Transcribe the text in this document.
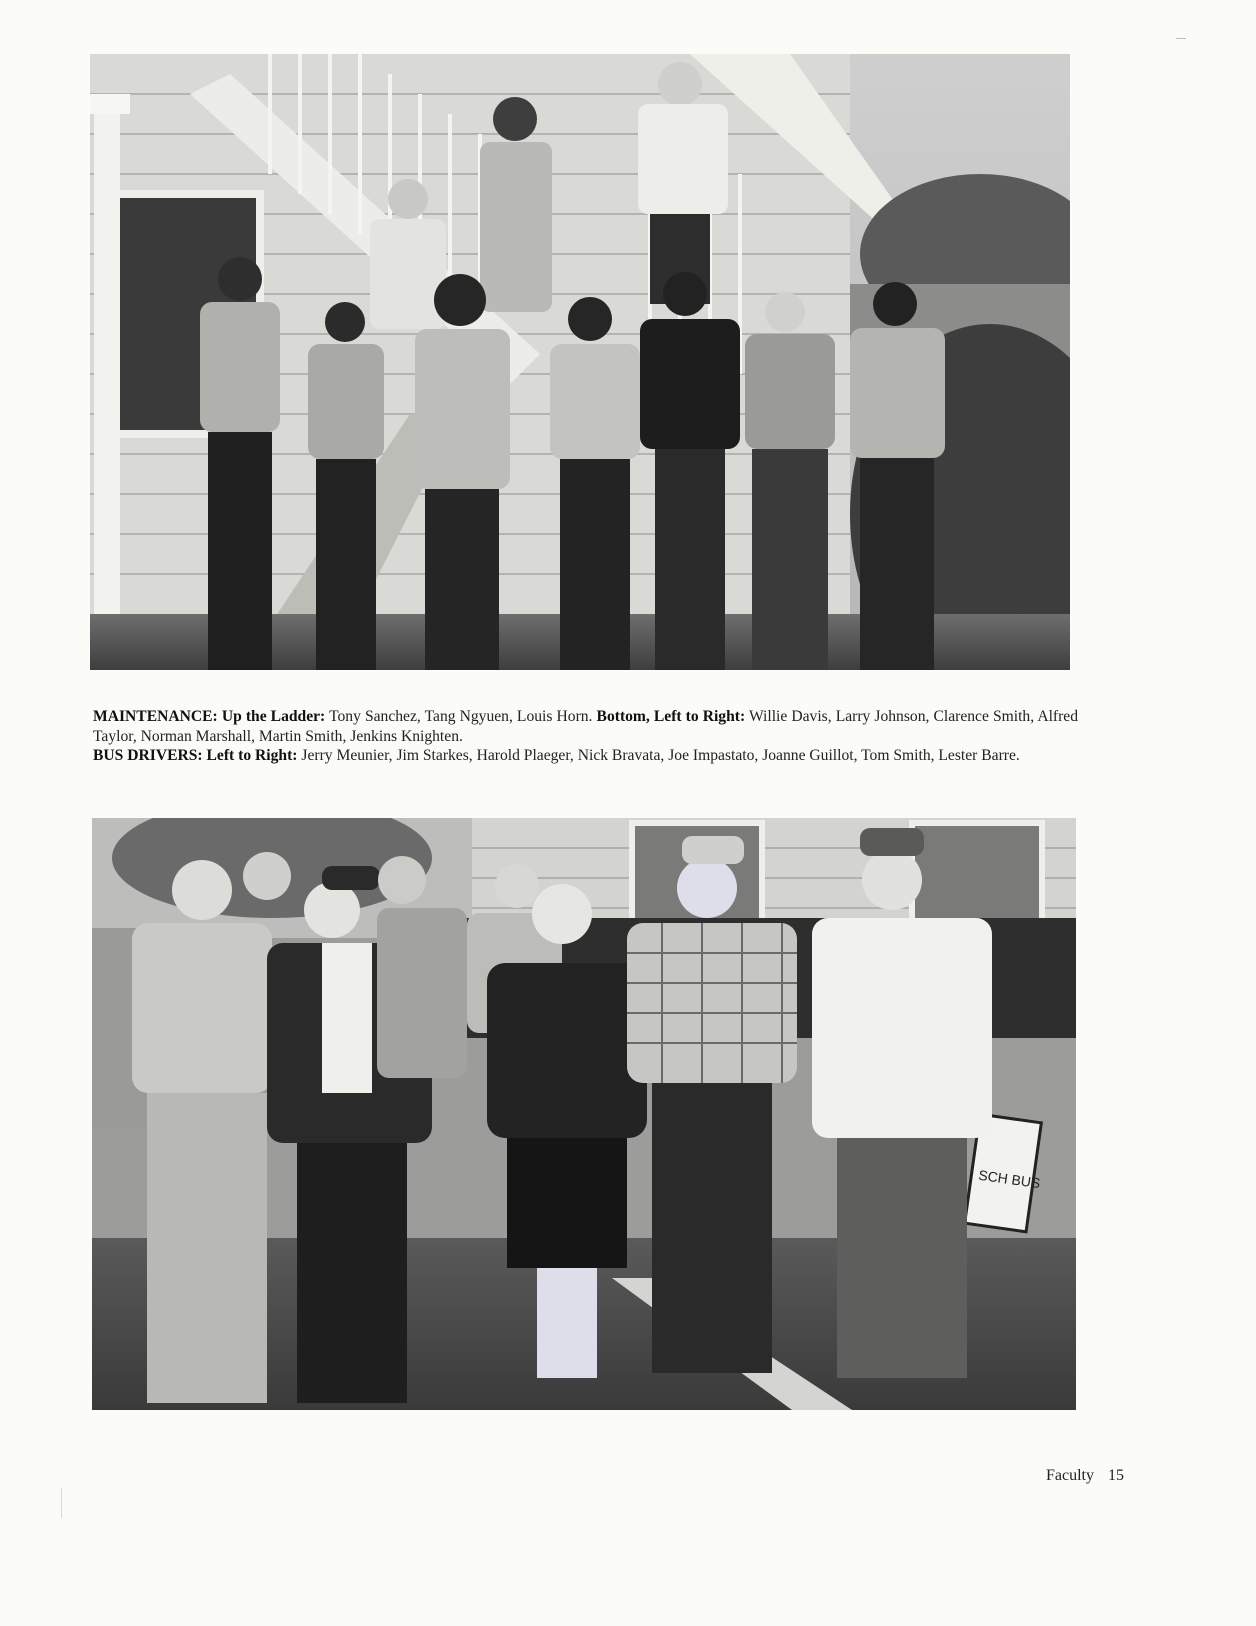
MAINTENANCE: Up the Ladder: Tony Sanchez, Tang Ngyuen, Louis Horn. Bottom, Left to Right: Willie Davis, Larry Johnson, Clarence Smith, Alfred Taylor, Norman Marshall, Martin Smith, Jenkins Knighten.

BUS DRIVERS: Left to Right: Jerry Meunier, Jim Starkes, Harold Plaeger, Nick Bravata, Joe Impastato, Joanne Guillot, Tom Smith, Lester Barre.

SCH BUS
Faculty 15
